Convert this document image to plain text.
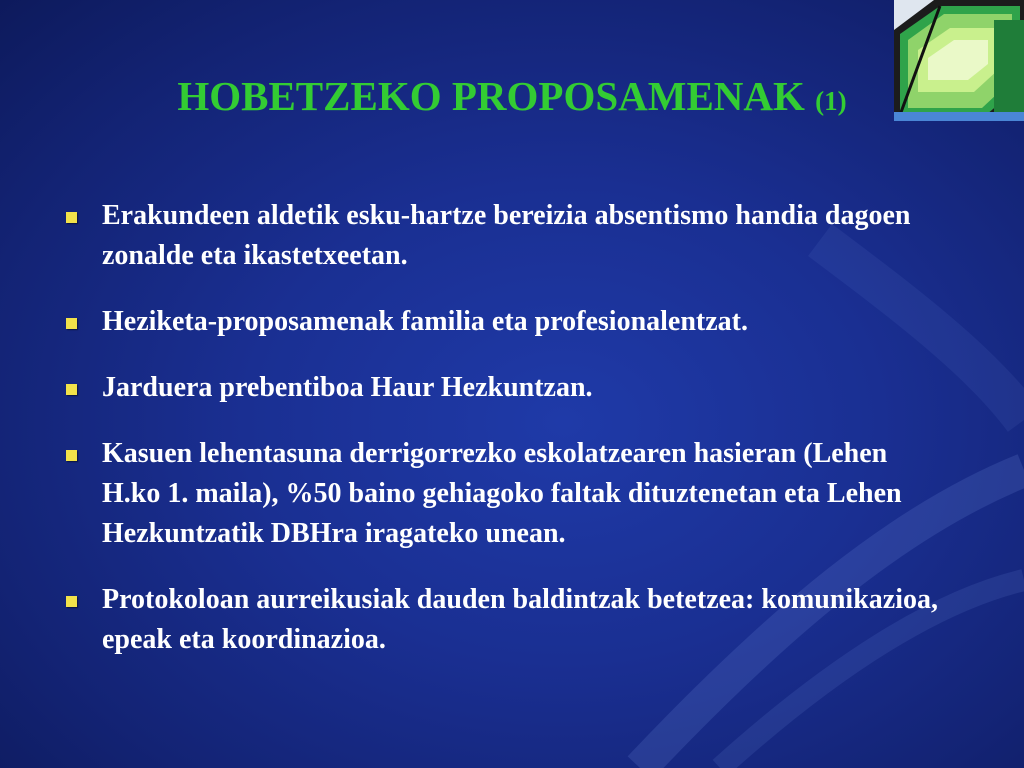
HOBETZEKO PROPOSAMENAK (1)
Erakundeen aldetik esku-hartze bereizia absentismo handia dagoen zonalde eta ikastetxeetan.
Heziketa-proposamenak familia eta profesionalentzat.
Jarduera prebentiboa Haur Hezkuntzan.
Kasuen lehentasuna derrigorrezko eskolatzearen hasieran (Lehen H.ko 1. maila), %50 baino gehiagoko faltak dituztenetan eta Lehen Hezkuntzatik DBHra iragateko unean.
Protokoloan aurreikusiak dauden baldintzak betetzea: komunikazioa, epeak eta koordinazioa.
